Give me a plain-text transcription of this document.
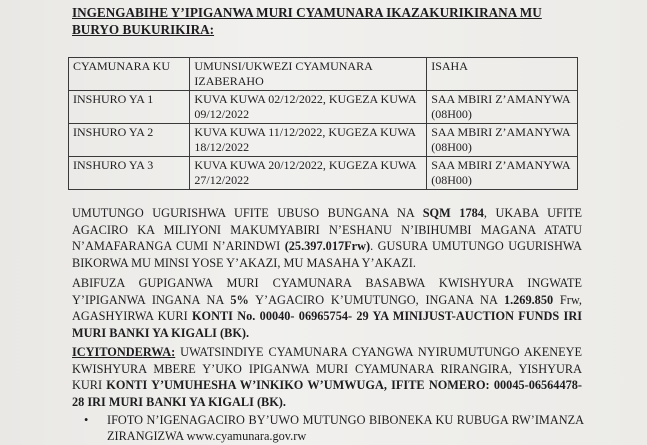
INGENGABIHE Y’IPIGANWA MURI CYAMUNARA IKAZAKURIKIRANA MU
BURYO BUKURIKIRA:
CYAMUNARA KU	UMUNSI/UKWEZI CYAMUNARA IZABERAHO	ISAHA
INSHURO YA 1	KUVA KUWA 02/12/2022, KUGEZA KUWA 09/12/2022	SAA MBIRI Z’AMANYWA (08H00)
INSHURO YA 2	KUVA KUWA 11/12/2022, KUGEZA KUWA 18/12/2022	SAA MBIRI Z’AMANYWA (08H00)
INSHURO YA 3	KUVA KUWA 20/12/2022, KUGEZA KUWA 27/12/2022	SAA MBIRI Z’AMANYWA (08H00)
UMUTUNGO UGURISHWA UFITE UBUSO BUNGANA NA SQM 1784, UKABA UFITE AGACIRO KA MILIYONI MAKUMYABIRI N’ESHANU N’IBIHUMBI MAGANA ATATU N’AMAFARANGA CUMI N’ARINDWI (25.397.017Frw). GUSURA UMUTUNGO UGURISHWA BIKORWA MU MINSI YOSE Y’AKAZI, MU MASAHA Y’AKAZI.
ABIFUZA GUPIGANWA MURI CYAMUNARA BASABWA KWISHYURA INGWATE Y’IPIGANWA INGANA NA 5% Y’AGACIRO K’UMUTUNGO, INGANA NA 1.269.850 Frw, AGASHYIRWA KURI KONTI No. 00040- 06965754- 29 YA MINIJUST-AUCTION FUNDS IRI MURI BANKI YA KIGALI (BK).
ICYITONDERWA: UWATSINDIYE CYAMUNARA CYANGWA NYIRUMUTUNGO AKENEYE KWISHYURA MBERE Y’UKO IPIGANWA MURI CYAMUNARA RIRANGIRA, YISHYURA KURI KONTI Y’UMUHESHA W’INKIKO W’UMWUGA, IFITE NOMERO: 00045-06564478-28 IRI MURI BANKI YA KIGALI (BK).
• IFOTO N’IGENAGACIRO BY’UWO MUTUNGO BIBONEKA KU RUBUGA RW’IMANZA ZIRANGIZWA www.cyamunara.gov.rw
